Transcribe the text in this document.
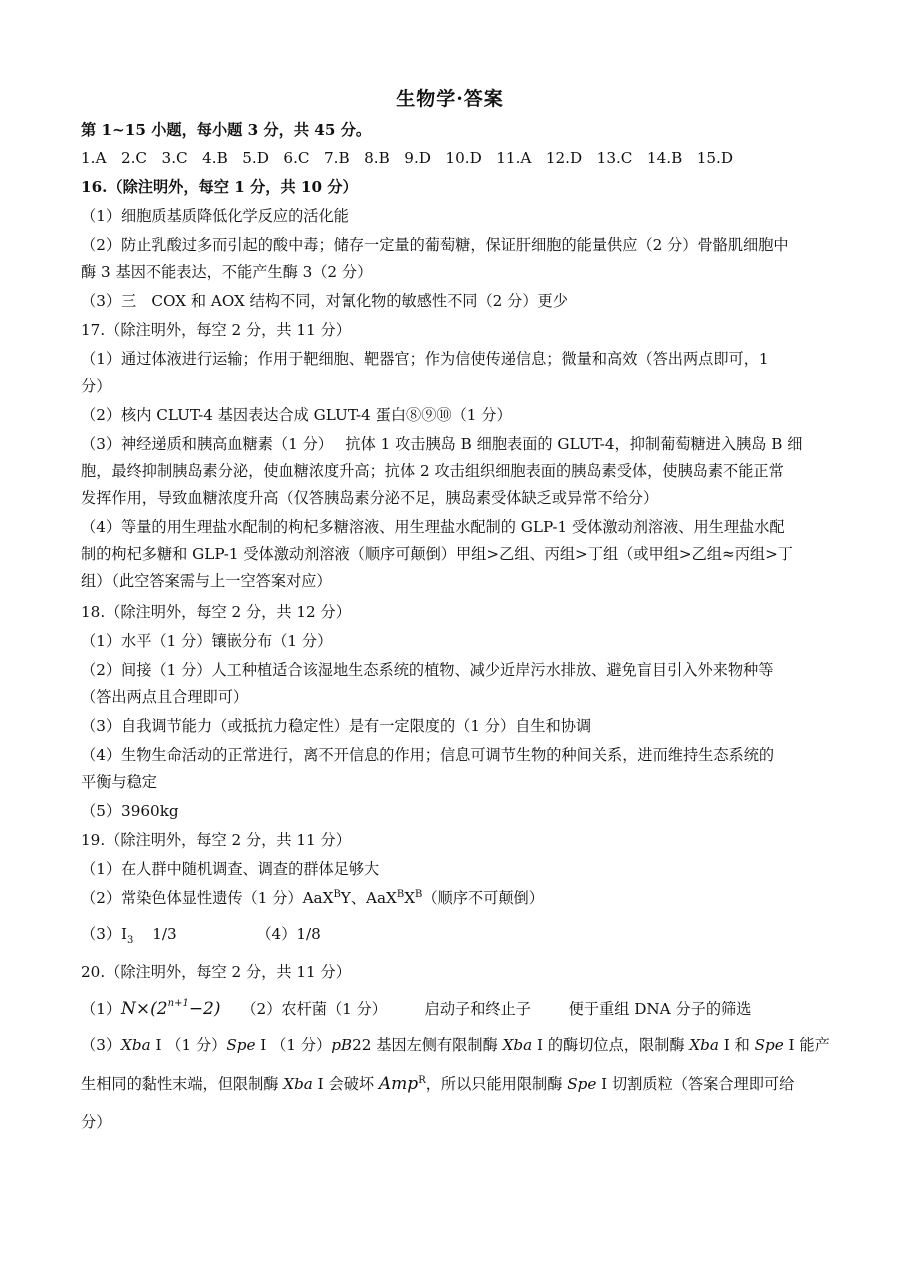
生物学·答案
第 1~15 小题，每小题 3 分，共 45 分。
1.A   2.C   3.C   4.B   5.D   6.C   7.B   8.B   9.D   10.D   11.A   12.D   13.C   14.B   15.D
16.（除注明外，每空 1 分，共 10 分）
（1）细胞质基质降低化学反应的活化能
（2）防止乳酸过多而引起的酸中毒；储存一定量的葡萄糖，保证肝细胞的能量供应（2 分）骨骼肌细胞中
酶 3 基因不能表达，不能产生酶 3（2 分）
（3）三　COX 和 AOX 结构不同，对氰化物的敏感性不同（2 分）更少
17.（除注明外，每空 2 分，共 11 分）
（1）通过体液进行运输；作用于靶细胞、靶器官；作为信使传递信息；微量和高效（答出两点即可，1
分）
（2）核内 CLUT-4 基因表达合成 GLUT-4 蛋白⑧⑨⑩（1 分）
（3）神经递质和胰高血糖素（1 分）　 抗体 1 攻击胰岛 B 细胞表面的 GLUT-4，抑制葡萄糖进入胰岛 B 细
胞，最终抑制胰岛素分泌，使血糖浓度升高；抗体 2 攻击组织细胞表面的胰岛素受体，使胰岛素不能正常
发挥作用，导致血糖浓度升高（仅答胰岛素分泌不足，胰岛素受体缺乏或异常不给分）
（4）等量的用生理盐水配制的枸杞多糖溶液、用生理盐水配制的 GLP-1 受体激动剂溶液、用生理盐水配
制的枸杞多糖和 GLP-1 受体激动剂溶液（顺序可颠倒）甲组>乙组、丙组>丁组（或甲组>乙组≈丙组>丁
组）（此空答案需与上一空答案对应）
18.（除注明外，每空 2 分，共 12 分）
（1）水平（1 分）镶嵌分布（1 分）
（2）间接（1 分）人工种植适合该湿地生态系统的植物、减少近岸污水排放、避免盲目引入外来物种等
（答出两点且合理即可）
（3）自我调节能力（或抵抗力稳定性）是有一定限度的（1 分）自生和协调
（4）生物生命活动的正常进行，离不开信息的作用；信息可调节生物的种间关系，进而维持生态系统的
平衡与稳定
（5）3960kg
19.（除注明外，每空 2 分，共 11 分）
（1）在人群中随机调查、调查的群体足够大
（2）常染色体显性遗传（1 分）AaX$^B$Y、$AaX^BX^B$（顺序不可颠倒）
$(3)I_3$ 1/3	（4）1/8
20.（除注明外，每空 2 分，共 11 分）
$(1)N\times(2^{n+1}-2)$ （2）农杆菌（1 分） 启动子和终止子 便于重组 DNA 分子的筛选
（3）Xba I （1 分）Spe I （1 分）pB22 基因左侧有限制酶 Xba I 的酶切位点，限制酶 Xba I 和 Spe I 能产
生相同的黏性末端，但限制酶 Xba I 会破坏 Amp$^R$，所以只能用限制酶 Spe I 切割质粒（答案合理即可给
分）
